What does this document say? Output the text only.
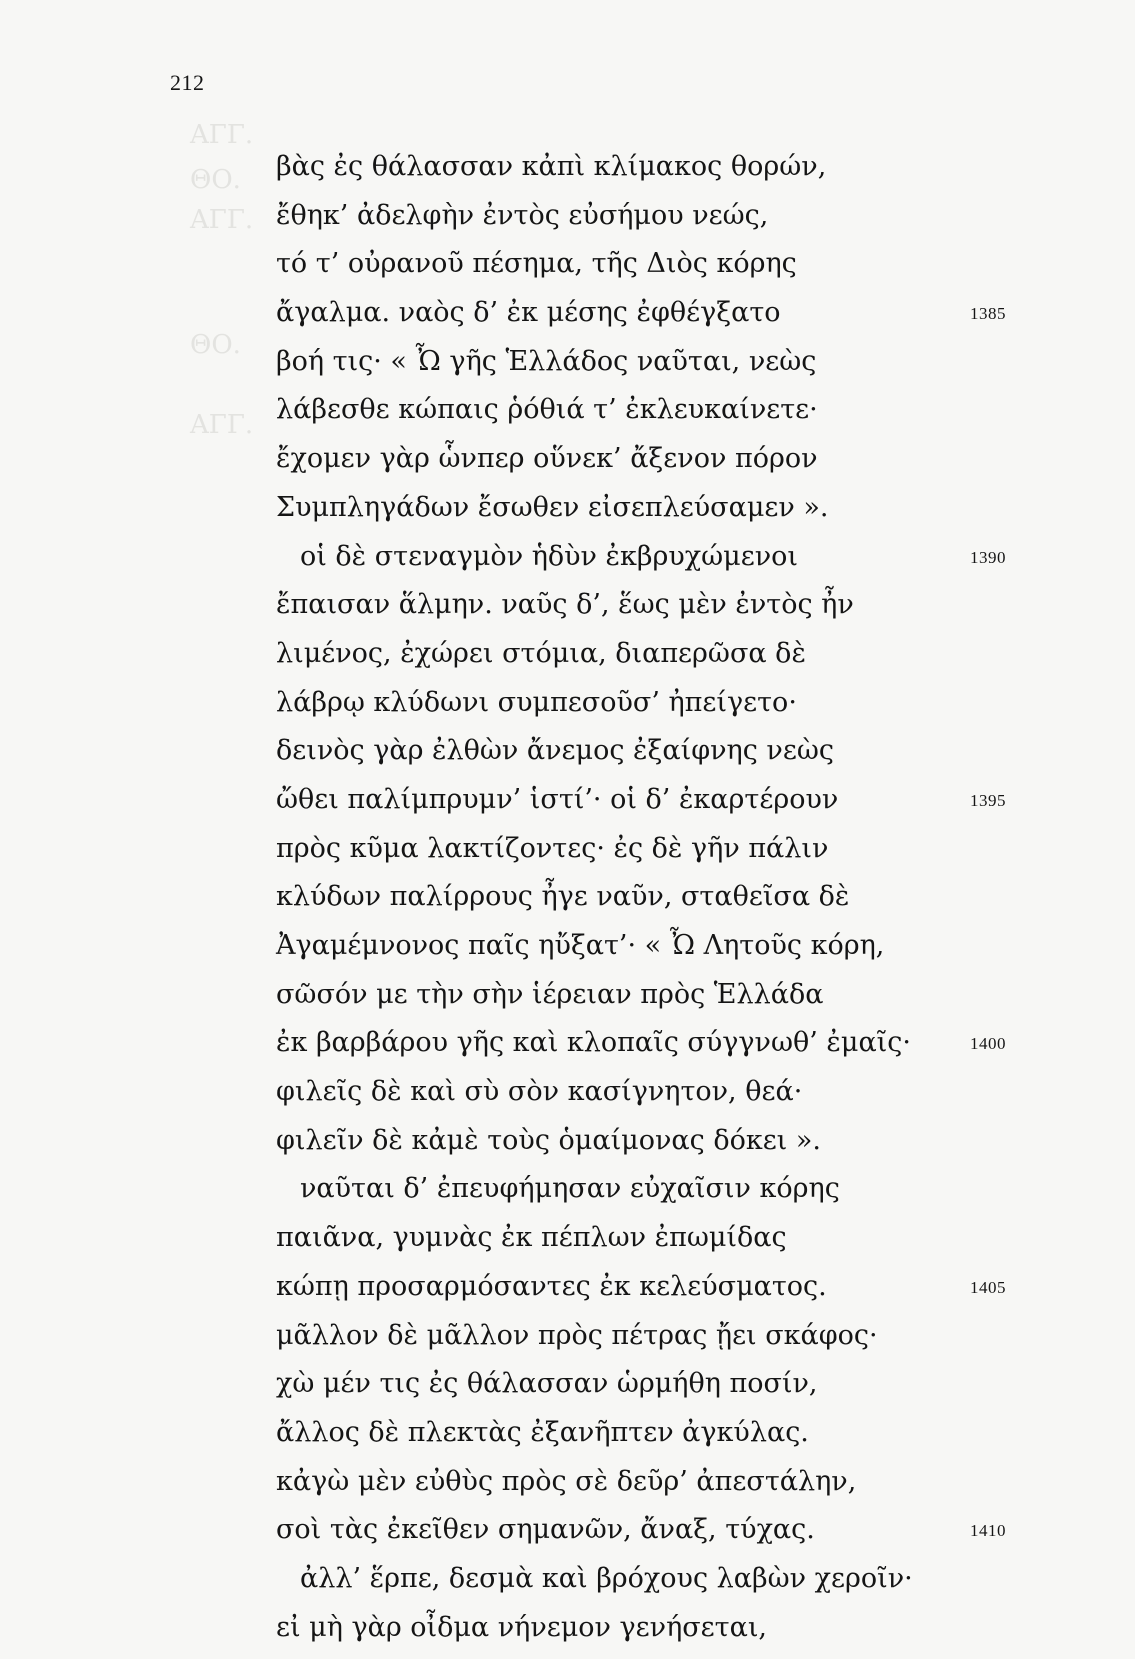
ΑΓΓ.
ΘΟ.
ΑΓΓ.
ΘΟ.
ΑΓΓ.
212
βὰς ἐς θάλασσαν κἀπὶ κλίμακος θορών,
ἔθηκ’ ἀδελφὴν ἐντὸς εὐσήμου νεώς,
τό τ’ οὐρανοῦ πέσημα, τῆς Διὸς κόρης
ἄγαλμα. ναὸς δ’ ἐκ μέσης ἐφθέγξατο	1385
βοή τις· « Ὦ γῆς Ἑλλάδος ναῦται, νεὼς
λάβεσθε κώπαις ῥόθιά τ’ ἐκλευκαίνετε·
ἔχομεν γὰρ ὧνπερ οὕνεκ’ ἄξενον πόρον
Συμπληγάδων ἔσωθεν εἰσεπλεύσαμεν ».
οἱ δὲ στεναγμὸν ἡδὺν ἐκβρυχώμενοι	1390
ἔπαισαν ἅλμην. ναῦς δ’, ἕως μὲν ἐντὸς ἦν
λιμένος, ἐχώρει στόμια, διαπερῶσα δὲ
λάβρῳ κλύδωνι συμπεσοῦσ’ ἠπείγετο·
δεινὸς γὰρ ἐλθὼν ἄνεμος ἐξαίφνης νεὼς
ὤθει παλίμπρυμν’ ἱστί’· οἱ δ’ ἐκαρτέρουν	1395
πρὸς κῦμα λακτίζοντες· ἐς δὲ γῆν πάλιν
κλύδων παλίρρους ἦγε ναῦν, σταθεῖσα δὲ
Ἀγαμέμνονος παῖς ηὔξατ’· « Ὦ Λητοῦς κόρη,
σῶσόν με τὴν σὴν ἱέρειαν πρὸς Ἑλλάδα
ἐκ βαρβάρου γῆς καὶ κλοπαῖς σύγγνωθ’ ἐμαῖς·	1400
φιλεῖς δὲ καὶ σὺ σὸν κασίγνητον, θεά·
φιλεῖν δὲ κἀμὲ τοὺς ὁμαίμονας δόκει ».
ναῦται δ’ ἐπευφήμησαν εὐχαῖσιν κόρης
παιᾶνα, γυμνὰς ἐκ πέπλων ἐπωμίδας
κώπῃ προσαρμόσαντες ἐκ κελεύσματος.	1405
μᾶλλον δὲ μᾶλλον πρὸς πέτρας ᾔει σκάφος·
χὼ μέν τις ἐς θάλασσαν ὡρμήθη ποσίν,
ἄλλος δὲ πλεκτὰς ἐξανῆπτεν ἀγκύλας.
κἀγὼ μὲν εὐθὺς πρὸς σὲ δεῦρ’ ἀπεστάλην,
σοὶ τὰς ἐκεῖθεν σημανῶν, ἄναξ, τύχας.	1410
ἀλλ’ ἕρπε, δεσμὰ καὶ βρόχους λαβὼν χεροῖν·
εἰ μὴ γὰρ οἶδμα νήνεμον γενήσεται,
